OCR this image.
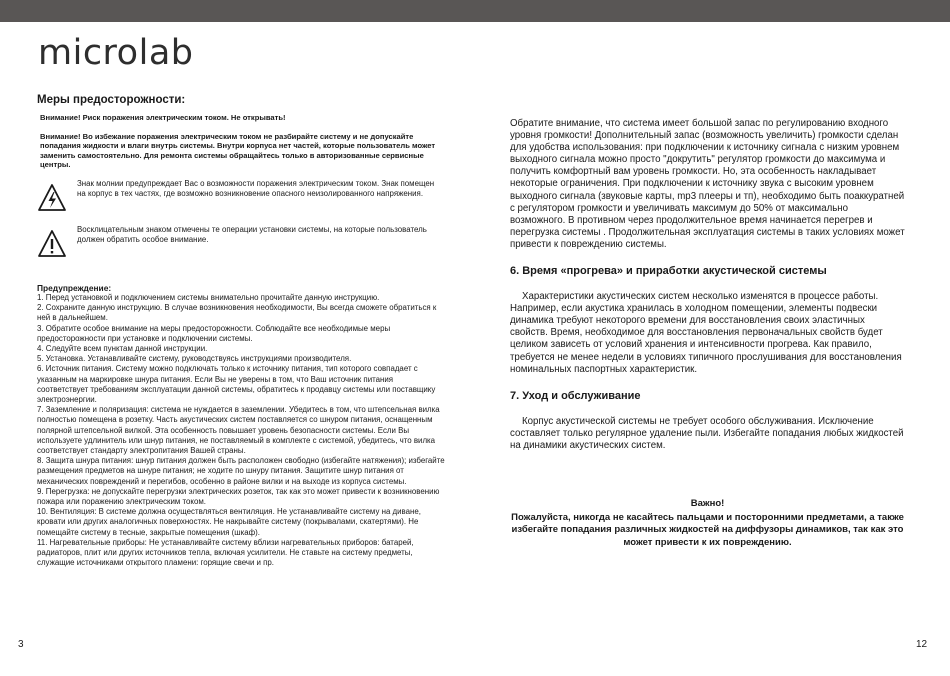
microlab
Меры предосторожности:
Внимание! Риск поражения электрическим током. Не открывать!
Внимание! Во избежание поражения электрическим током не разбирайте систему и не допускайте попадания жидкости и влаги внутрь системы. Внутри корпуса нет частей, которые пользователь может заменить самостоятельно. Для ремонта системы обращайтесь только в авторизованные сервисные центры.
Знак молнии предупреждает Вас о возможности поражения электрическим током. Знак помещен на корпус в тех частях, где возможно возникновение опасного неизолированного напряжения.
Восклицательным знаком отмечены те операции установки системы, на которые пользователь должен обратить особое внимание.
Предупреждение:
1. Перед установкой и подключением системы внимательно прочитайте данную инструкцию.
2. Сохраните данную инструкцию. В случае возникновения необходимости, Вы всегда сможете обратиться к ней в дальнейшем.
3. Обратите особое внимание на меры предосторожности. Соблюдайте все необходимые меры предосторожности при установке и подключении системы.
4. Следуйте всем пунктам данной инструкции.
5. Установка. Устанавливайте систему, руководствуясь инструкциями производителя.
6. Источник питания. Систему можно подключать только к источнику питания, тип которого совпадает с указанным на маркировке шнура питания. Если Вы не уверены в том, что Ваш источник питания соответствует требованиям эксплуатации данной системы, обратитесь к продавцу системы или поставщику электроэнергии.
7. Заземление и поляризация: система не нуждается в заземлении. Убедитесь в том, что штепсельная вилка полностью помещена в розетку. Часть акустических систем поставляется со шнуром питания, оснащенным полярной штепсельной вилкой. Эта особенность повышает уровень безопасности системы. Если Вы используете удлинитель или шнур питания, не поставляемый в комплекте с системой, убедитесь, что вилка соответствует стандарту электропитания Вашей страны.
8. Защита шнура питания: шнур питания должен быть расположен свободно (избегайте натяжения); избегайте размещения предметов на шнуре питания; не ходите по шнуру питания. Защитите шнур питания от механических повреждений и перегибов, особенно в районе вилки и на выходе из корпуса системы.
9. Перегрузка: не допускайте перегрузки электрических розеток, так как это может привести к возникновению пожара или поражению электрическим током.
10. Вентиляция: В системе должна осуществляться вентиляция. Не устанавливайте систему на диване, кровати или других аналогичных поверхностях. Не накрывайте систему (покрывалами, скатертями). Не помещайте систему в тесные, закрытые помещения (шкаф).
11. Нагревательные приборы: Не устанавливайте систему вблизи нагревательных приборов: батарей, радиаторов, плит или других источников тепла, включая усилители. Не ставьте на систему предметы, служащие источниками открытого пламени: горящие свечи и пр.
3
Обратите внимание, что система имеет большой запас по регулированию входного уровня громкости! Дополнительный запас (возможность увеличить) громкости сделан для удобства использования: при подключении к источнику сигнала с низким уровнем выходного сигнала можно просто "докрутить" регулятор громкости до максимума и получить комфортный вам уровень громкости. Но, эта особенность накладывает некоторые ограничения. При подключении к источнику звука с высоким уровнем выходного сигнала (звуковые карты, mp3 плееры и тп), необходимо быть поаккуратней с регулятором громкости и увеличивать максимум до 50% от максимально возможного. В противном через продолжительное время начинается перегрев и перегрузка системы . Продолжительная эксплуатация системы в таких условиях может привести к повреждению системы.
6. Время «прогрева» и приработки акустической системы
Характеристики акустических систем несколько изменятся в процессе работы. Например, если акустика хранилась в холодном помещении, элементы подвески динамика требуют некоторого времени для восстановления своих эластичных свойств. Время, необходимое для восстановления первоначальных свойств будет целиком зависеть от условий хранения и интенсивности прогрева. Как правило, требуется не менее недели в условиях типичного прослушивания для восстановления номинальных паспортных характеристик.
7. Уход и обслуживание
Корпус акустической системы не требует особого обслуживания. Исключение составляет только регулярное удаление пыли. Избегайте попадания любых жидкостей на динамики акустических систем.
Важно!
Пожалуйста, никогда не касайтесь пальцами и посторонними предметами, а также избегайте попадания различных жидкостей на диффузоры динамиков, так как это может привести к их повреждению.
12
